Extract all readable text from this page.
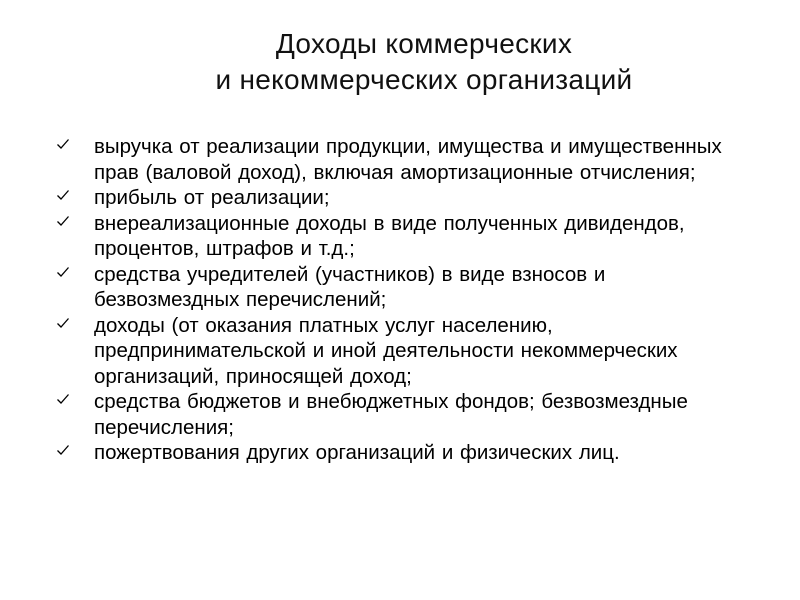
Доходы коммерческих
и некоммерческих организаций
выручка от реализации продукции, имущества и имущественных прав (валовой доход), включая амортизационные отчисления;
прибыль от реализации;
внереализационные доходы в виде полученных дивидендов, процентов, штрафов и т.д.;
средства учредителей (участников) в виде взносов и безвозмездных перечислений;
доходы (от оказания платных услуг населению, предпринимательской и иной деятельности некоммерческих организаций, приносящей доход;
средства бюджетов и внебюджетных фондов; безвозмездные перечисления;
пожертвования других организаций и физических лиц.
